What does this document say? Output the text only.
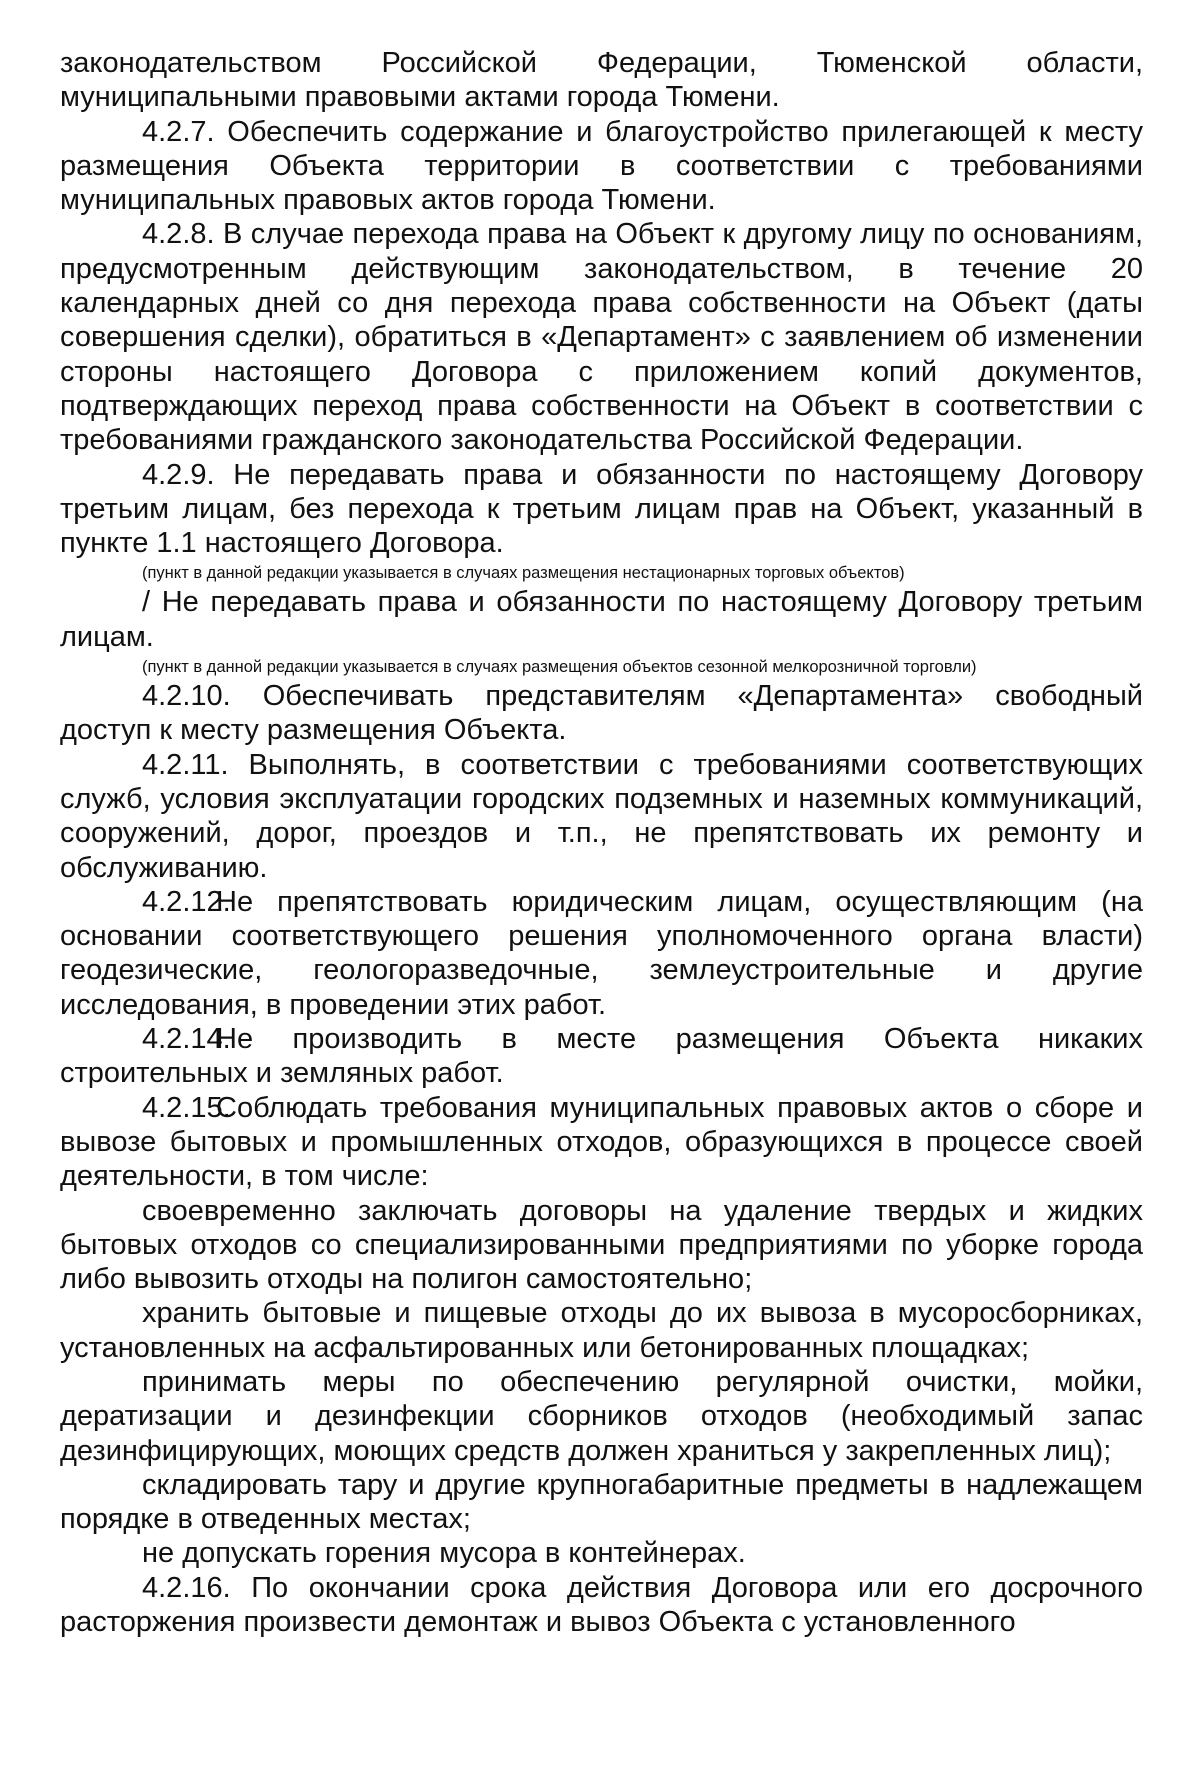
законодательством Российской Федерации, Тюменской области, муниципальными правовыми актами города Тюмени.

4.2.7. Обеспечить содержание и благоустройство прилегающей к месту размещения Объекта территории в соответствии с требованиями муниципальных правовых актов города Тюмени.

4.2.8. В случае перехода права на Объект к другому лицу по основаниям, предусмотренным действующим законодательством, в течение 20 календарных дней со дня перехода права собственности на Объект (даты совершения сделки), обратиться в «Департамент» с заявлением об изменении стороны настоящего Договора с приложением копий документов, подтверждающих переход права собственности на Объект в соответствии с требованиями гражданского законодательства Российской Федерации.

4.2.9. Не передавать права и обязанности по настоящему Договору третьим лицам, без перехода к третьим лицам прав на Объект, указанный в пункте 1.1 настоящего Договора.

(пункт в данной редакции указывается в случаях размещения нестационарных торговых объектов)

/ Не передавать права и обязанности по настоящему Договору третьим лицам.

(пункт в данной редакции указывается в случаях размещения объектов сезонной мелкорозничной торговли)

4.2.10. Обеспечивать представителям «Департамента» свободный доступ к месту размещения Объекта.

4.2.11. Выполнять, в соответствии с требованиями соответствующих служб, условия эксплуатации городских подземных и наземных коммуникаций, сооружений, дорог, проездов и т.п., не препятствовать их ремонту и обслуживанию.

4.2.12.Не препятствовать юридическим лицам, осуществляющим (на основании соответствующего решения уполномоченного органа власти) геодезические, геологоразведочные, землеустроительные и другие исследования, в проведении этих работ.

4.2.14.Не производить в месте размещения Объекта никаких строительных и земляных работ.

4.2.15.Соблюдать требования муниципальных правовых актов о сборе и вывозе бытовых и промышленных отходов, образующихся в процессе своей деятельности, в том числе:

своевременно заключать договоры на удаление твердых и жидких бытовых отходов со специализированными предприятиями по уборке города либо вывозить отходы на полигон самостоятельно;

хранить бытовые и пищевые отходы до их вывоза в мусоросборниках, установленных на асфальтированных или бетонированных площадках;

принимать меры по обеспечению регулярной очистки, мойки, дератизации и дезинфекции сборников отходов (необходимый запас дезинфицирующих, моющих средств должен храниться у закрепленных лиц);

складировать тару и другие крупногабаритные предметы в надлежащем порядке в отведенных местах;

не допускать горения мусора в контейнерах.

4.2.16. По окончании срока действия Договора или его досрочного расторжения произвести демонтаж и вывоз Объекта с установленного
